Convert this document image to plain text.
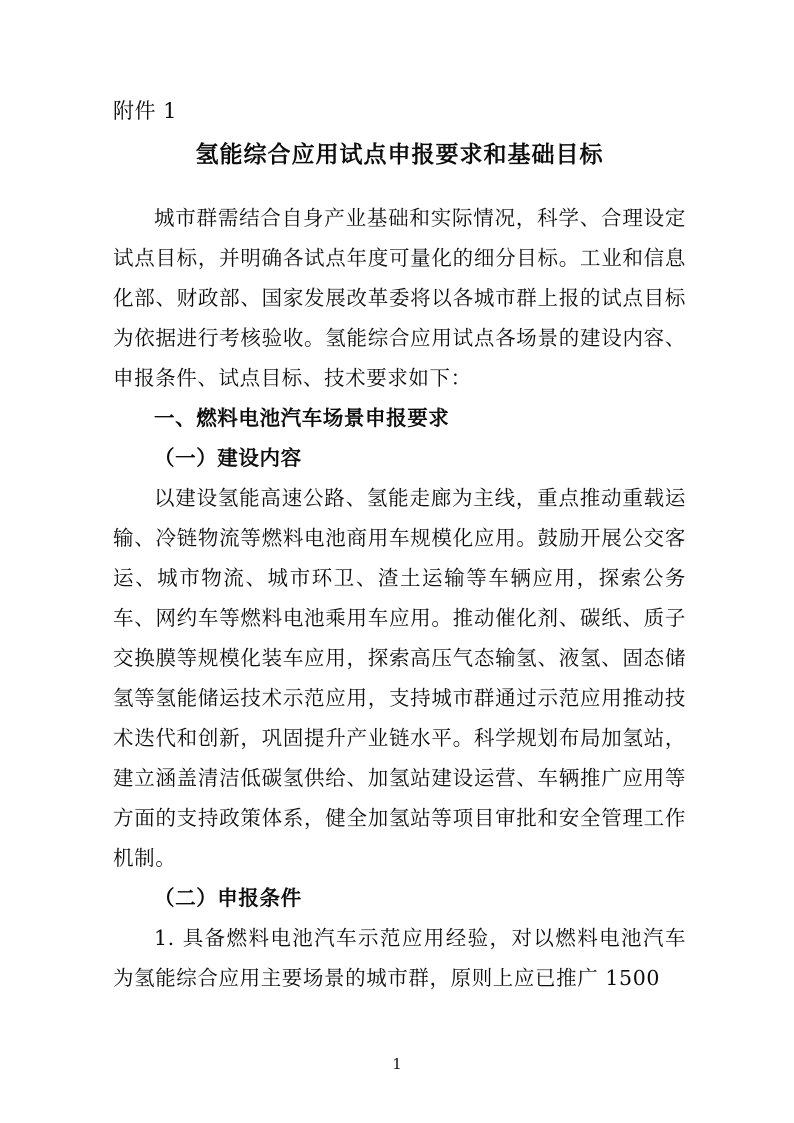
附件 1

氢能综合应用试点申报要求和基础目标

城市群需结合自身产业基础和实际情况，科学、合理设定试点目标，并明确各试点年度可量化的细分目标。工业和信息化部、财政部、国家发展改革委将以各城市群上报的试点目标为依据进行考核验收。氢能综合应用试点各场景的建设内容、申报条件、试点目标、技术要求如下：

一、燃料电池汽车场景申报要求

（一）建设内容

以建设氢能高速公路、氢能走廊为主线，重点推动重载运输、冷链物流等燃料电池商用车规模化应用。鼓励开展公交客运、城市物流、城市环卫、渣土运输等车辆应用，探索公务车、网约车等燃料电池乘用车应用。推动催化剂、碳纸、质子交换膜等规模化装车应用，探索高压气态输氢、液氢、固态储氢等氢能储运技术示范应用，支持城市群通过示范应用推动技术迭代和创新，巩固提升产业链水平。科学规划布局加氢站，建立涵盖清洁低碳氢供给、加氢站建设运营、车辆推广应用等方面的支持政策体系，健全加氢站等项目审批和安全管理工作机制。

（二）申报条件

1. 具备燃料电池汽车示范应用经验，对以燃料电池汽车为氢能综合应用主要场景的城市群，原则上应已推广 1500

1
